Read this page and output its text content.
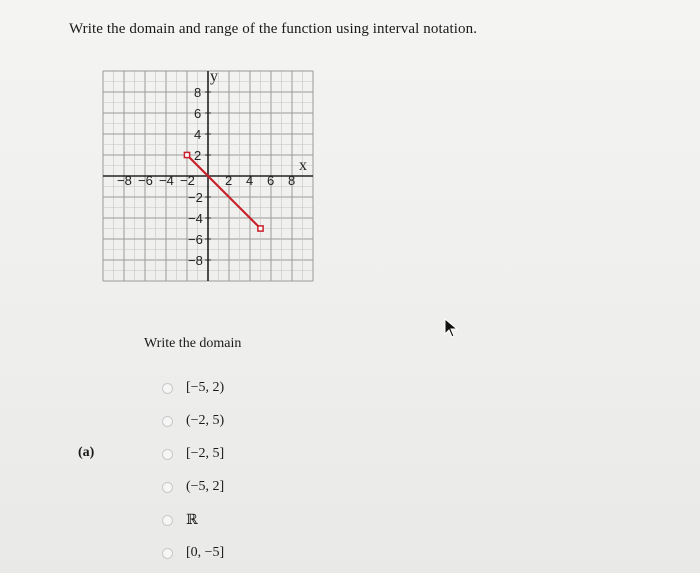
Write the domain and range of the function using interval notation.
−8 −6 −4 −2 2 4 6 8
8
6
4
2
−2
−4
−6
−8
y
x
Write the domain
(a)
[−5, 2)
(−2, 5)
[−2, 5]
(−5, 2]
ℝ
[0, −5]
